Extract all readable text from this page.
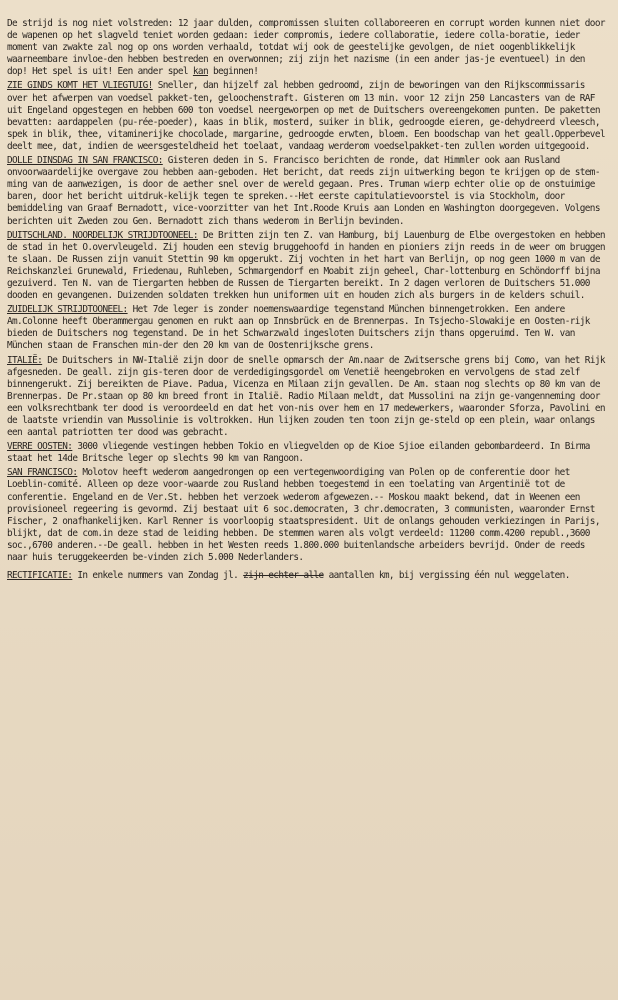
De strijd is nog niet volstreden: 12 jaar dulden, compromissen sluiten collaboreeren en corrupt worden kunnen niet door de wapenen op het slagveld teniet worden gedaan: ieder compromis, iedere collaboratie, iedere colla-boratie, ieder moment van zwakte zal nog op ons worden verhaald, totdat wij ook de geestelijke gevolgen, de niet oogenblikkelijk waarneembare invloe-den hebben bestreden en overwonnen; zij zijn het nazisme (in een ander jas-je eventueel) in den dop! Het spel is uit! Een ander spel kan beginnen!

ZIE GINDS KOMT HET VLIEGTUIG! Sneller, dan hijzelf zal hebben gedroomd, zijn de beworingen van den Rijkscommissaris over het afwerpen van voedsel pakket-ten, geloochenstraft. Gisteren om 13 min. voor 12 zijn 250 Lancasters van de RAF uit Engeland opgestegen en hebben 600 ton voedsel neergeworpen op met de Duitschers overeengekomen punten. De paketten bevatten: aardappelen (pu-rée-poeder), kaas in blik, mosterd, suiker in blik, gedroogde eieren, ge-dehydreerd vleesch, spek in blik, thee, vitaminerijke chocolade, margarine, gedroogde erwten, bloem. Een boodschap van het geall.Opperbevel deelt mee, dat, indien de weersgesteldheid het toelaat, vandaag werderom voedselpakket-ten zullen worden uitgegooid.

DOLLE DINSDAG IN SAN FRANCISCO: Gisteren deden in S. Francisco berichten de ronde, dat Himmler ook aan Rusland onvoorwaardelijke overgave zou hebben aan-geboden. Het bericht, dat reeds zijn uitwerking begon te krijgen op de stem-ming van de aanwezigen, is door de aether snel over de wereld gegaan. Pres. Truman wierp echter olie op de onstuimige baren, door het bericht uitdruk-kelijk tegen te spreken.--Het eerste capitulatievoorstel is via Stockholm, door bemiddeling van Graaf Bernadott, vice-voorzitter van het Int.Roode Kruis aan Londen en Washington doorgegeven. Volgens berichten uit Zweden zou Gen. Bernadott zich thans wederom in Berlijn bevinden.

DUITSCHLAND. NOORDELIJK STRIJDTOONEEL: De Britten zijn ten Z. van Hamburg, bij Lauenburg de Elbe overgestoken en hebben de stad in het O.overvleugeld. Zij houden een stevig bruggehoofd in handen en pioniers zijn reeds in de weer om bruggen te slaan. De Russen zijn vanuit Stettin 90 km opgerukt. Zij vochten in het hart van Berlijn, op nog geen 1000 m van de Reichskanzlei Grunewald, Friedenau, Ruhleben, Schmargendorf en Moabit zijn geheel, Char-lottenburg en Schöndorff bijna gezuiverd. Ten N. van de Tiergarten hebben de Russen de Tiergarten bereikt. In 2 dagen verloren de Duitschers 51.000 dooden en gevangenen. Duizenden soldaten trekken hun uniformen uit en houden zich als burgers in de kelders schuil.

ZUIDELIJK STRIJDTOONEEL: Het 7de leger is zonder noemenswaardige tegenstand München binnengetrokken. Een andere Am.Colonne heeft Oberammergau genomen en rukt aan op Innsbrück en de Brennerpas. In Tsjecho-Slowakije en Oosten-rijk bieden de Duitschers nog tegenstand. De in het Schwarzwald ingesloten Duitschers zijn thans opgeruimd. Ten W. van München staan de Franschen min-der den 20 km van de Oostenrijksche grens.

ITALIË: De Duitschers in NW-Italië zijn door de snelle opmarsch der Am.naar de Zwitsersche grens bij Como, van het Rijk afgesneden. De geall. zijn gis-teren door de verdedigingsgordel om Venetië heengebroken en vervolgens de stad zelf binnengerukt. Zij bereikten de Piave. Padua, Vicenza en Milaan zijn gevallen. De Am. staan nog slechts op 80 km van de Brennerpas. De Pr.staan op 80 km breed front in Italië. Radio Milaan meldt, dat Mussolini na zijn ge-vangenneming door een volksrechtbank ter dood is veroordeeld en dat het von-nis over hem en 17 medewerkers, waaronder Sforza, Pavolini en de laatste vriendin van Mussolinie is voltrokken. Hun lijken zouden ten toon zijn ge-steld op een plein, waar onlangs een aantal patriotten ter dood was gebracht.

VERRE OOSTEN: 3000 vliegende vestingen hebben Tokio en vliegvelden op de Kioe Sjioe eilanden gebombardeerd. In Birma staat het 14de Britsche leger op slechts 90 km van Rangoon.

SAN FRANCISCO: Molotov heeft wederom aangedrongen op een vertegenwoordiging van Polen op de conferentie door het Loeblin-comité. Alleen op deze voor-waarde zou Rusland hebben toegestemd in een toelating van Argentinië tot de conferentie. Engeland en de Ver.St. hebben het verzoek wederom afgewezen.-- Moskou maakt bekend, dat in Weenen een provisioneel regeering is gevormd. Zij bestaat uit 6 soc.democraten, 3 chr.democraten, 3 communisten, waaronder Ernst Fischer, 2 onafhankelijken. Karl Renner is voorloopig staatspresident. Uit de onlangs gehouden verkiezingen in Parijs, blijkt, dat de com.in deze stad de leiding hebben. De stemmen waren als volgt verdeeld: 11200 comm.4200 republ.,3600 soc.,6700 anderen.--De geall. hebben in het Westen reeds 1.800.000 buitenlandsche arbeiders bevrijd. Onder de reeds naar huis teruggekeerden be-vinden zich 5.000 Nederlanders.

RECTIFICATIE: In enkele nummers van Zondag jl. zijn echter alle aantallen km, bij vergissing één nul weggelaten.
